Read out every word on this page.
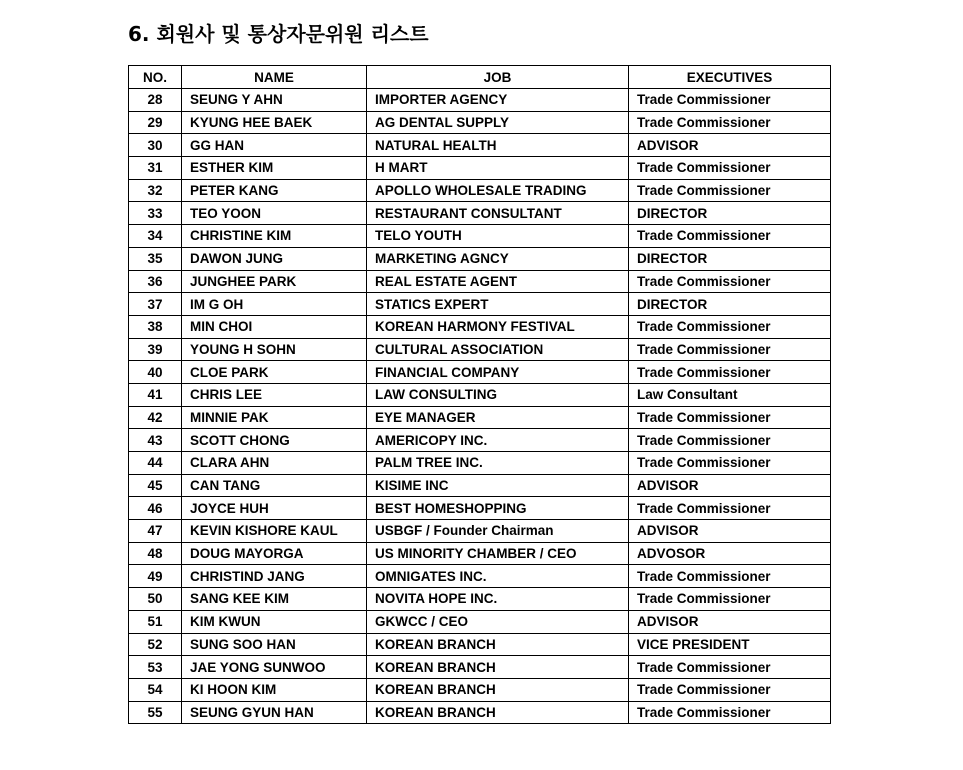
6. 회원사 및 통상자문위원 리스트
NO.	NAME	JOB	EXECUTIVES
28	SEUNG Y AHN	IMPORTER AGENCY	Trade Commissioner
29	KYUNG HEE BAEK	AG DENTAL SUPPLY	Trade Commissioner
30	GG HAN	NATURAL HEALTH	ADVISOR
31	ESTHER KIM	H MART	Trade Commissioner
32	PETER KANG	APOLLO WHOLESALE TRADING	Trade Commissioner
33	TEO YOON	RESTAURANT CONSULTANT	DIRECTOR
34	CHRISTINE KIM	TELO YOUTH	Trade Commissioner
35	DAWON JUNG	MARKETING AGNCY	DIRECTOR
36	JUNGHEE PARK	REAL ESTATE AGENT	Trade Commissioner
37	IM G OH	STATICS EXPERT	DIRECTOR
38	MIN CHOI	KOREAN HARMONY FESTIVAL	Trade Commissioner
39	YOUNG H SOHN	CULTURAL ASSOCIATION	Trade Commissioner
40	CLOE PARK	FINANCIAL COMPANY	Trade Commissioner
41	CHRIS LEE	LAW CONSULTING	Law Consultant
42	MINNIE PAK	EYE MANAGER	Trade Commissioner
43	SCOTT CHONG	AMERICOPY INC.	Trade Commissioner
44	CLARA AHN	PALM TREE INC.	Trade Commissioner
45	CAN TANG	KISIME INC	ADVISOR
46	JOYCE HUH	BEST HOMESHOPPING	Trade Commissioner
47	KEVIN KISHORE KAUL	USBGF / Founder Chairman	ADVISOR
48	DOUG MAYORGA	US MINORITY CHAMBER / CEO	ADVOSOR
49	CHRISTIND JANG	OMNIGATES INC.	Trade Commissioner
50	SANG KEE KIM	NOVITA HOPE INC.	Trade Commissioner
51	KIM KWUN	GKWCC / CEO	ADVISOR
52	SUNG SOO HAN	KOREAN BRANCH	VICE PRESIDENT
53	JAE YONG SUNWOO	KOREAN BRANCH	Trade Commissioner
54	KI HOON KIM	KOREAN BRANCH	Trade Commissioner
55	SEUNG GYUN HAN	KOREAN BRANCH	Trade Commissioner
